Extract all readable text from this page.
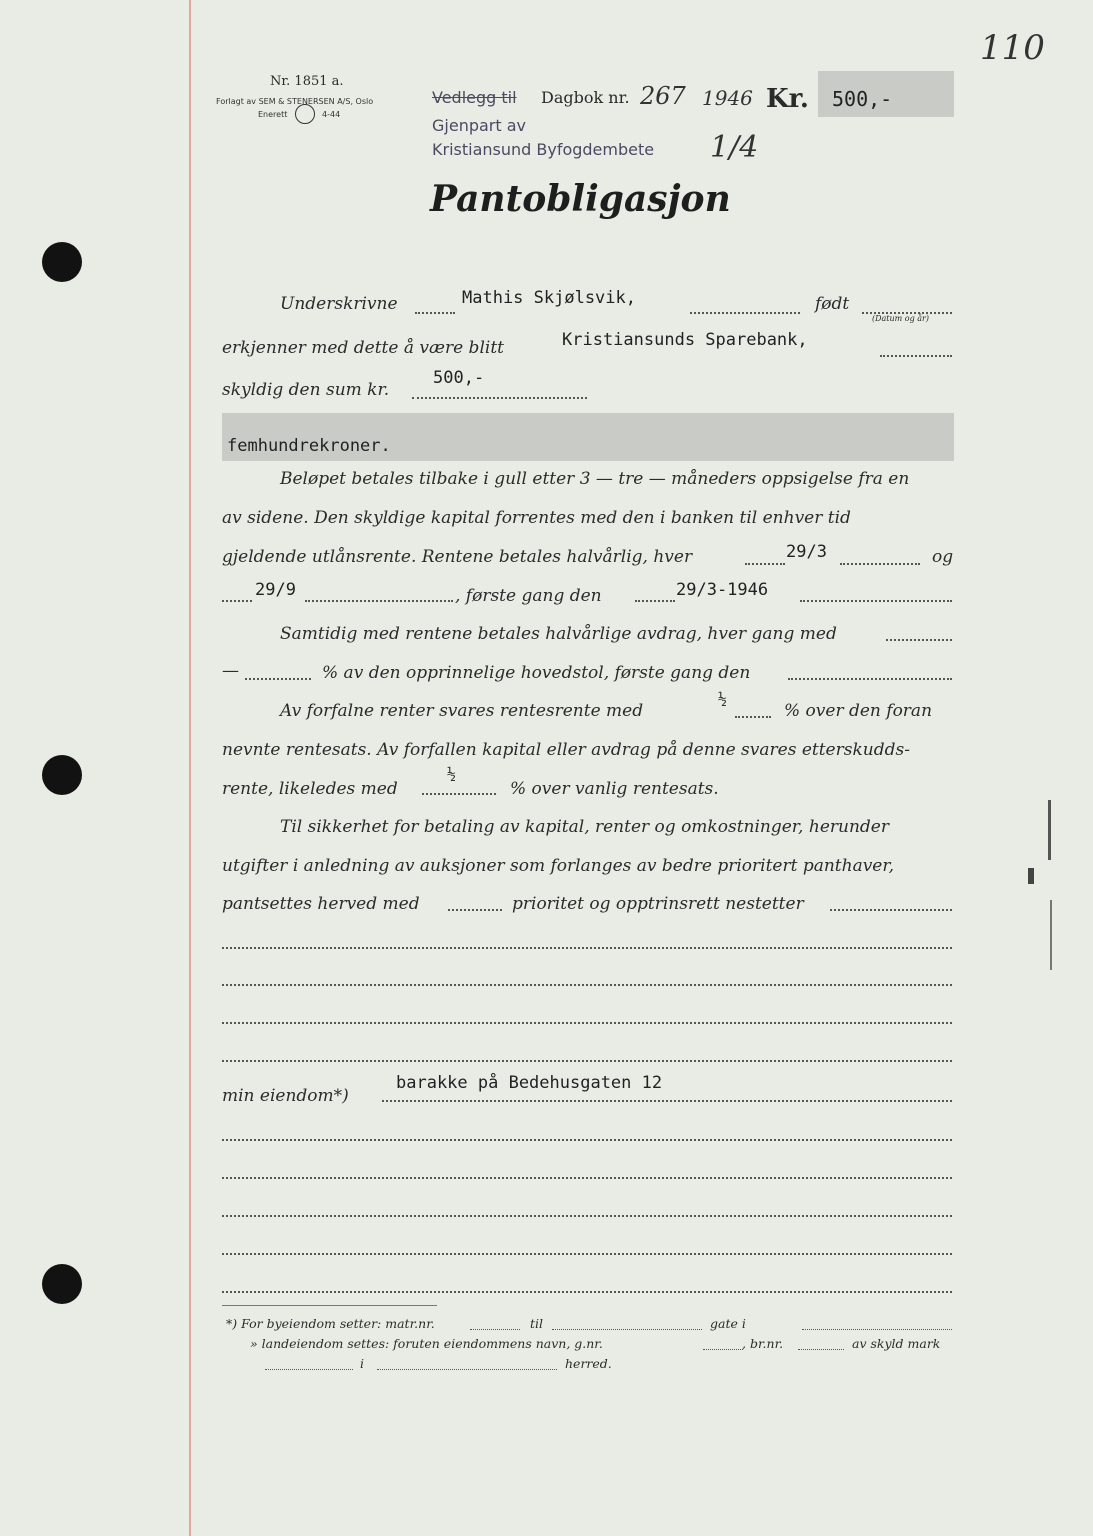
110
Nr. 1851 a.
Forlagt av SEM & STENERSEN A/S, Oslo
Enerett	4-44
Vedlegg til Dagbok nr. 267 1946 Kr. 500,-
Gjenpart av
Kristiansund Byfogdembete 1/4
Pantobligasjon
Underskrivne	Mathis Skjølsvik,	født
(Datum og år)
erkjenner med dette å være blitt	Kristiansunds Sparebank,
skyldig den sum kr.
500,-
femhundrekroner.
Beløpet betales tilbake i gull etter 3 — tre — måneders oppsigelse fra en
av sidene. Den skyldige kapital forrentes med den i banken til enhver tid
gjeldende utlånsrente. Rentene betales halvårlig, hver	29/3	og
29/9	, første gang den	29/3-1946
Samtidig med rentene betales halvårlige avdrag, hver gang med
—	% av den opprinnelige hovedstol, første gang den
Av forfalne renter svares rentesrente med
½
% over den foran
nevnte rentesats. Av forfallen kapital eller avdrag på denne svares etterskudds-
rente, likeledes med
½
% over vanlig rentesats.
Til sikkerhet for betaling av kapital, renter og omkostninger, herunder
utgifter i anledning av auksjoner som forlanges av bedre prioritert panthaver,
pantsettes herved med	prioritet og opptrinsrett nestetter
min eiendom*)
barakke på Bedehusgaten 12
*) For byeiendom setter: matr.nr.	til	gate i
» landeiendom settes: foruten eiendommens navn, g.nr.	, br.nr.	av skyld mark
i	herred.
